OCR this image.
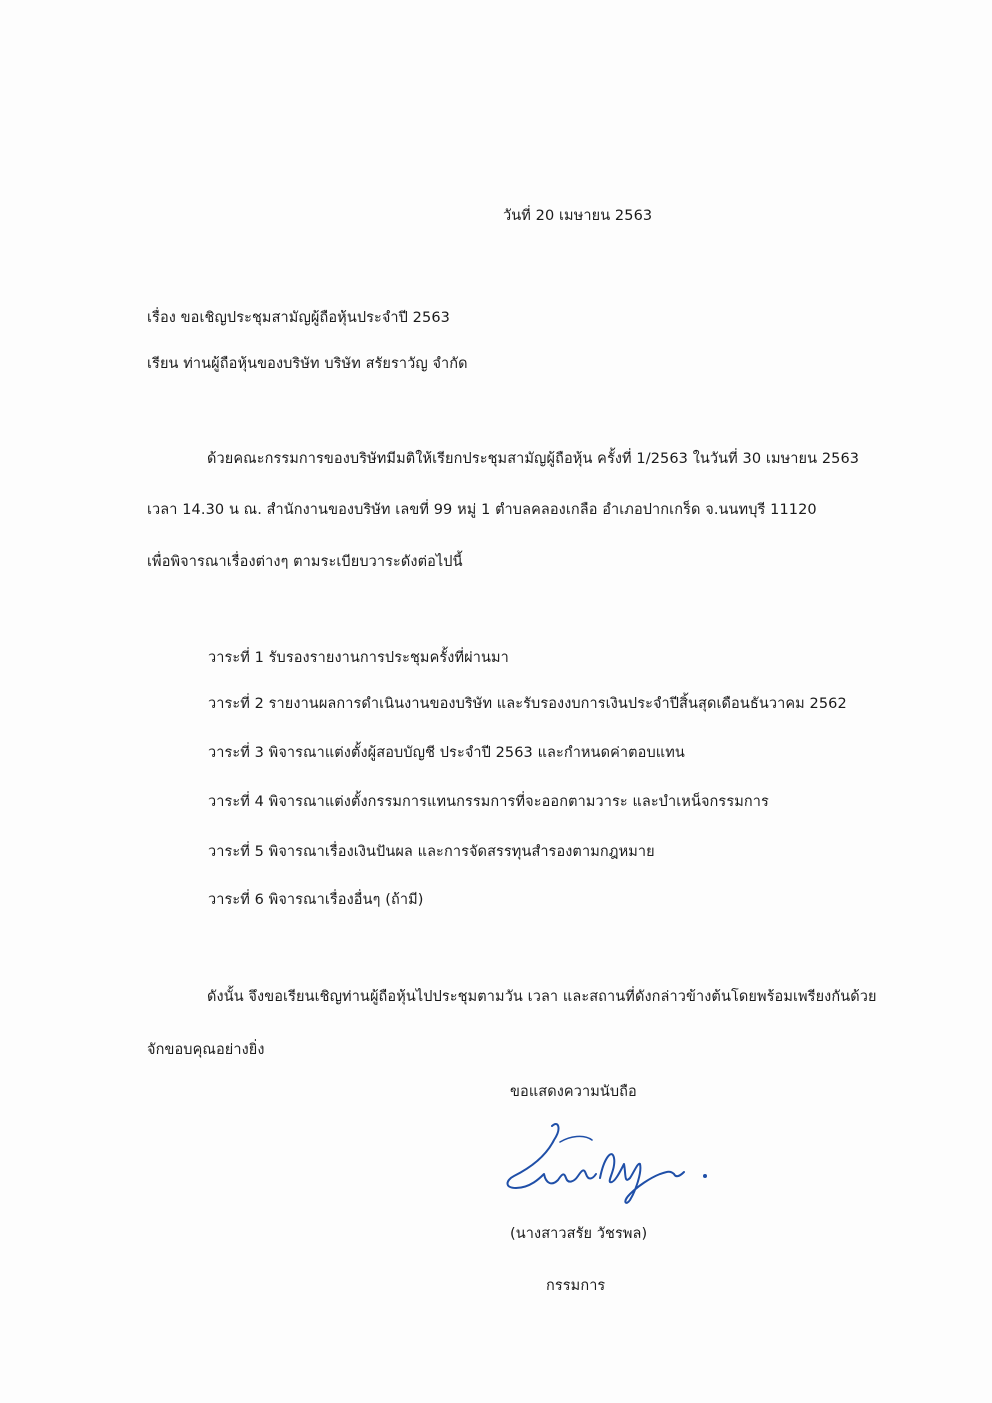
วันที่ 20 เมษายน 2563
เรื่อง ขอเชิญประชุมสามัญผู้ถือหุ้นประจำปี 2563
เรียน ท่านผู้ถือหุ้นของบริษัท บริษัท สรัยราวัญ จำกัด
ด้วยคณะกรรมการของบริษัทมีมติให้เรียกประชุมสามัญผู้ถือหุ้น ครั้งที่ 1/2563 ในวันที่ 30 เมษายน 2563
เวลา 14.30 น ณ. สำนักงานของบริษัท เลขที่ 99 หมู่ 1 ตำบลคลองเกลือ อำเภอปากเกร็ด จ.นนทบุรี 11120
เพื่อพิจารณาเรื่องต่างๆ ตามระเบียบวาระดังต่อไปนี้
วาระที่ 1 รับรองรายงานการประชุมครั้งที่ผ่านมา
วาระที่ 2 รายงานผลการดำเนินงานของบริษัท และรับรองงบการเงินประจำปีสิ้นสุดเดือนธันวาคม 2562
วาระที่ 3 พิจารณาแต่งตั้งผู้สอบบัญชี ประจำปี 2563 และกำหนดค่าตอบแทน
วาระที่ 4 พิจารณาแต่งตั้งกรรมการแทนกรรมการที่จะออกตามวาระ และบำเหน็จกรรมการ
วาระที่ 5 พิจารณาเรื่องเงินปันผล และการจัดสรรทุนสำรองตามกฎหมาย
วาระที่ 6 พิจารณาเรื่องอื่นๆ (ถ้ามี)
ดังนั้น จึงขอเรียนเชิญท่านผู้ถือหุ้นไปประชุมตามวัน เวลา และสถานที่ดังกล่าวข้างต้นโดยพร้อมเพรียงกันด้วย
จักขอบคุณอย่างยิ่ง
ขอแสดงความนับถือ
(นางสาวสรัย วัชรพล)
กรรมการ
